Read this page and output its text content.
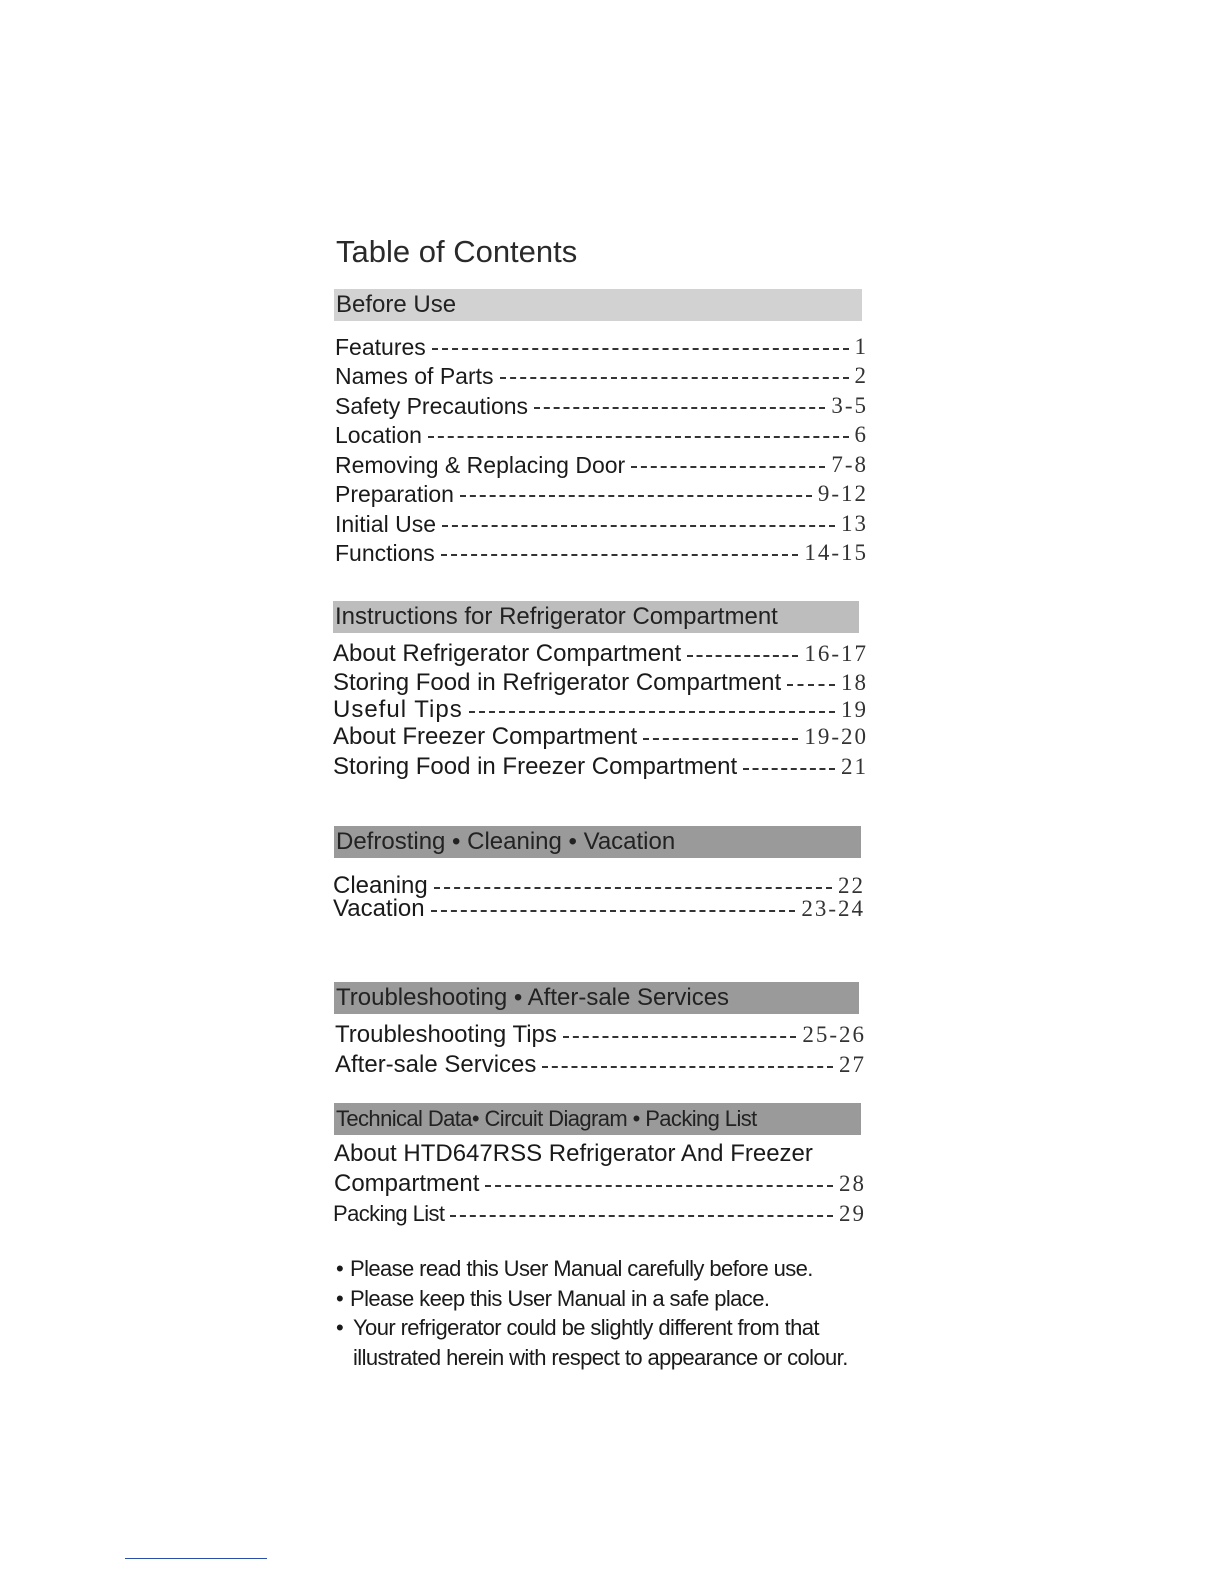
Table of Contents
Before Use
Features	1
Names of Parts	2
Safety Precautions	3-5
Location	6
Removing & Replacing Door	7-8
Preparation	9-12
Initial Use	13
Functions	14-15
Instructions for Refrigerator Compartment
About Refrigerator Compartment	16-17
Storing Food in Refrigerator Compartment	18
Useful Tips	19
About Freezer Compartment	19-20
Storing Food in Freezer Compartment	21
Defrosting • Cleaning • Vacation
Cleaning	22
Vacation	23-24
Troubleshooting • After-sale Services
Troubleshooting Tips	25-26
After-sale Services	27
Technical Data• Circuit Diagram • Packing List
About HTD647RSS Refrigerator And Freezer
Compartment	28
Packing List	29
• Please read this User Manual carefully before use.
• Please keep this User Manual in a safe place.
• Your refrigerator could be slightly different from that illustrated herein with respect to appearance or colour.
